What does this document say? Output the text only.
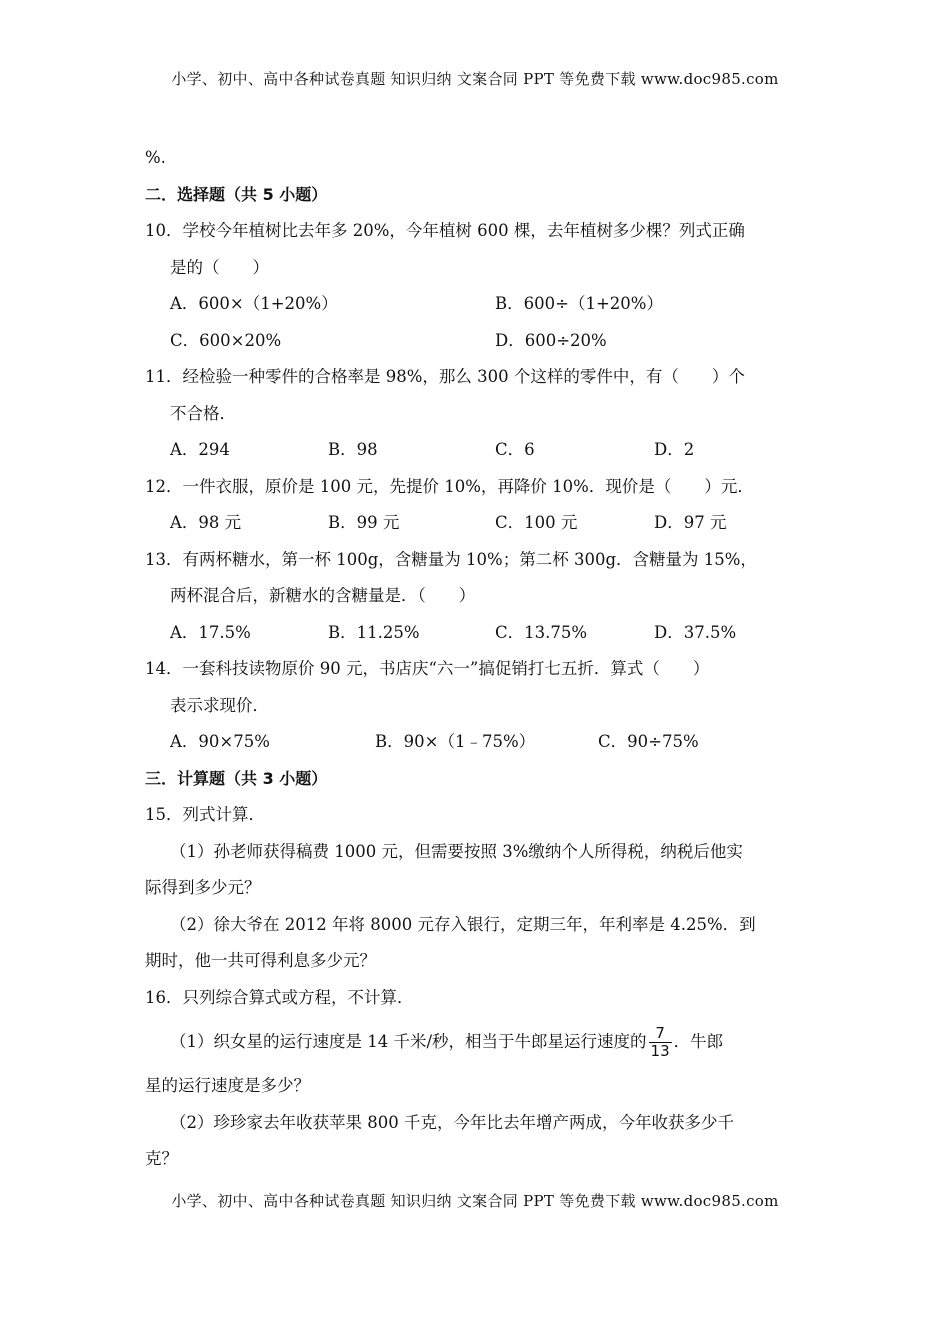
小学、初中、高中各种试卷真题 知识归纳 文案合同 PPT 等免费下载 www.doc985.com
%.
二．选择题（共 5 小题）
10．学校今年植树比去年多 20%，今年植树 600 棵，去年植树多少棵？列式正确
是的（　　）
A．600×（1+20%）	B．600÷（1+20%）
C．600×20%	D．600÷20%
11．经检验一种零件的合格率是 98%，那么 300 个这样的零件中，有（　　）个
不合格．
A．294	B．98	C．6	D．2
12．一件衣服，原价是 100 元，先提价 10%，再降价 10%．现价是（　　）元．
A．98 元	B．99 元	C．100 元	D．97 元
13．有两杯糖水，第一杯 100g，含糖量为 10%；第二杯 300g．含糖量为 15%，
两杯混合后，新糖水的含糖量是．（　　）
A．17.5%	B．11.25%	C．13.75%	D．37.5%
14．一套科技读物原价 90 元，书店庆“六一”搞促销打七五折．算式（　　）
表示求现价．
A．90×75%	B．90×（1﹣75%）	C．90÷75%
三．计算题（共 3 小题）
15．列式计算．
（1）孙老师获得稿费 1000 元，但需要按照 3%缴纳个人所得税，纳税后他实
际得到多少元？
（2）徐大爷在 2012 年将 8000 元存入银行，定期三年，年利率是 4.25%．到
期时，他一共可得利息多少元？
16．只列综合算式或方程，不计算．
（1）织女星的运行速度是 14 千米/秒，相当于牛郎星运行速度的 $\frac{7}{13}$ ．牛郎
星的运行速度是多少？
（2）珍珍家去年收获苹果 800 千克，今年比去年增产两成，今年收获多少千
克？
小学、初中、高中各种试卷真题 知识归纳 文案合同 PPT 等免费下载 www.doc985.com
